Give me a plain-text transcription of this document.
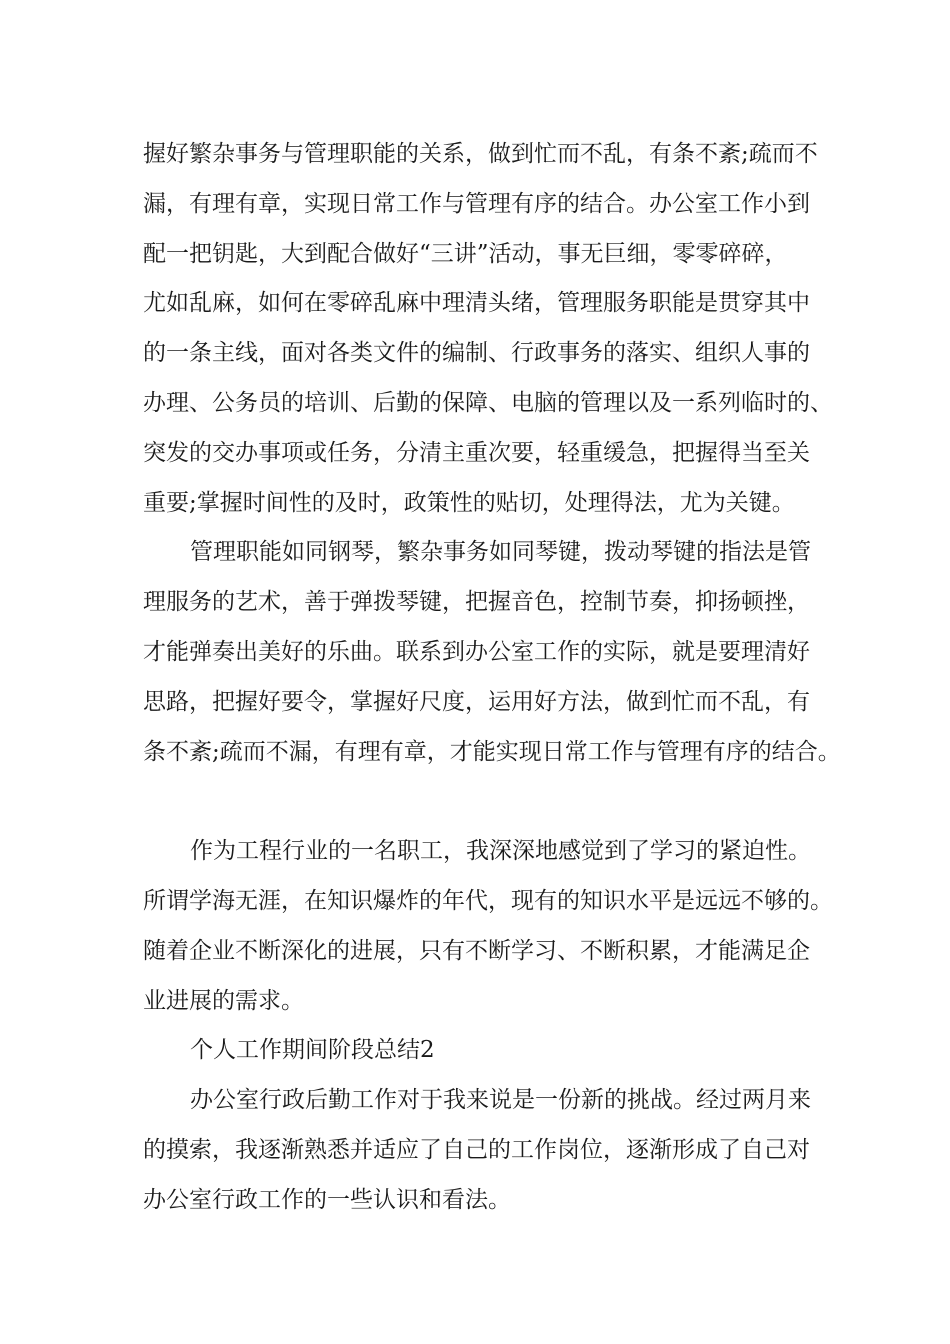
握好繁杂事务与管理职能的关系，做到忙而不乱，有条不紊;疏而不
漏，有理有章，实现日常工作与管理有序的结合。办公室工作小到
配一把钥匙，大到配合做好“三讲”活动，事无巨细，零零碎碎，
尤如乱麻，如何在零碎乱麻中理清头绪，管理服务职能是贯穿其中
的一条主线，面对各类文件的编制、行政事务的落实、组织人事的
办理、公务员的培训、后勤的保障、电脑的管理以及一系列临时的、
突发的交办事项或任务，分清主重次要，轻重缓急，把握得当至关
重要;掌握时间性的及时，政策性的贴切，处理得法，尤为关键。
管理职能如同钢琴，繁杂事务如同琴键，拨动琴键的指法是管
理服务的艺术，善于弹拨琴键，把握音色，控制节奏，抑扬顿挫，
才能弹奏出美好的乐曲。联系到办公室工作的实际，就是要理清好
思路，把握好要令，掌握好尺度，运用好方法，做到忙而不乱，有
条不紊;疏而不漏，有理有章，才能实现日常工作与管理有序的结合。
作为工程行业的一名职工，我深深地感觉到了学习的紧迫性。
所谓学海无涯，在知识爆炸的年代，现有的知识水平是远远不够的。
随着企业不断深化的进展，只有不断学习、不断积累，才能满足企
业进展的需求。
个人工作期间阶段总结2
办公室行政后勤工作对于我来说是一份新的挑战。经过两月来
的摸索，我逐渐熟悉并适应了自己的工作岗位，逐渐形成了自己对
办公室行政工作的一些认识和看法。
